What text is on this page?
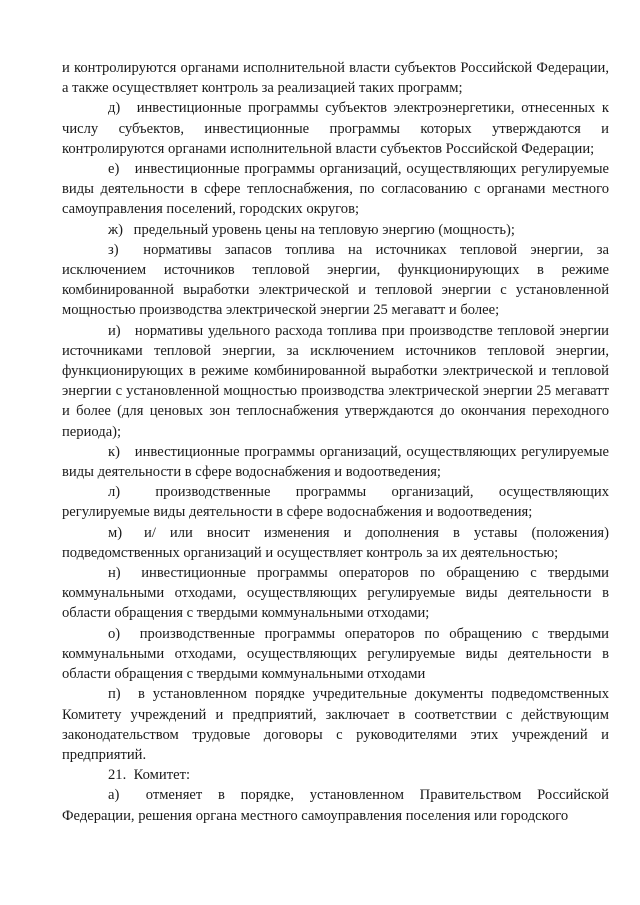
и контролируются органами исполнительной власти субъектов Российской Федерации, а также осуществляет контроль за реализацией таких программ;

д) инвестиционные программы субъектов электроэнергетики, отнесенных к числу субъектов, инвестиционные программы которых утверждаются и контролируются органами исполнительной власти субъектов Российской Федерации;

е) инвестиционные программы организаций, осуществляющих регулируемые виды деятельности в сфере теплоснабжения, по согласованию с органами местного самоуправления поселений, городских округов;

ж) предельный уровень цены на тепловую энергию (мощность);

з) нормативы запасов топлива на источниках тепловой энергии, за исключением источников тепловой энергии, функционирующих в режиме комбинированной выработки электрической и тепловой энергии с установленной мощностью производства электрической энергии 25 мегаватт и более;

и) нормативы удельного расхода топлива при производстве тепловой энергии источниками тепловой энергии, за исключением источников тепловой энергии, функционирующих в режиме комбинированной выработки электрической и тепловой энергии с установленной мощностью производства электрической энергии 25 мегаватт и более (для ценовых зон теплоснабжения утверждаются до окончания переходного периода);

к) инвестиционные программы организаций, осуществляющих регулируемые виды деятельности в сфере водоснабжения и водоотведения;

л) производственные программы организаций, осуществляющих регулируемые виды деятельности в сфере водоснабжения и водоотведения;

м) и/ или вносит изменения и дополнения в уставы (положения) подведомственных организаций и осуществляет контроль за их деятельностью;

н) инвестиционные программы операторов по обращению с твердыми коммунальными отходами, осуществляющих регулируемые виды деятельности в области обращения с твердыми коммунальными отходами;

о) производственные программы операторов по обращению с твердыми коммунальными отходами, осуществляющих регулируемые виды деятельности в области обращения с твердыми коммунальными отходами

п) в установленном порядке учредительные документы подведомственных Комитету учреждений и предприятий, заключает в соответствии с действующим законодательством трудовые договоры с руководителями этих учреждений и предприятий.

21. Комитет:

а) отменяет в порядке, установленном Правительством Российской Федерации, решения органа местного самоуправления поселения или городского
